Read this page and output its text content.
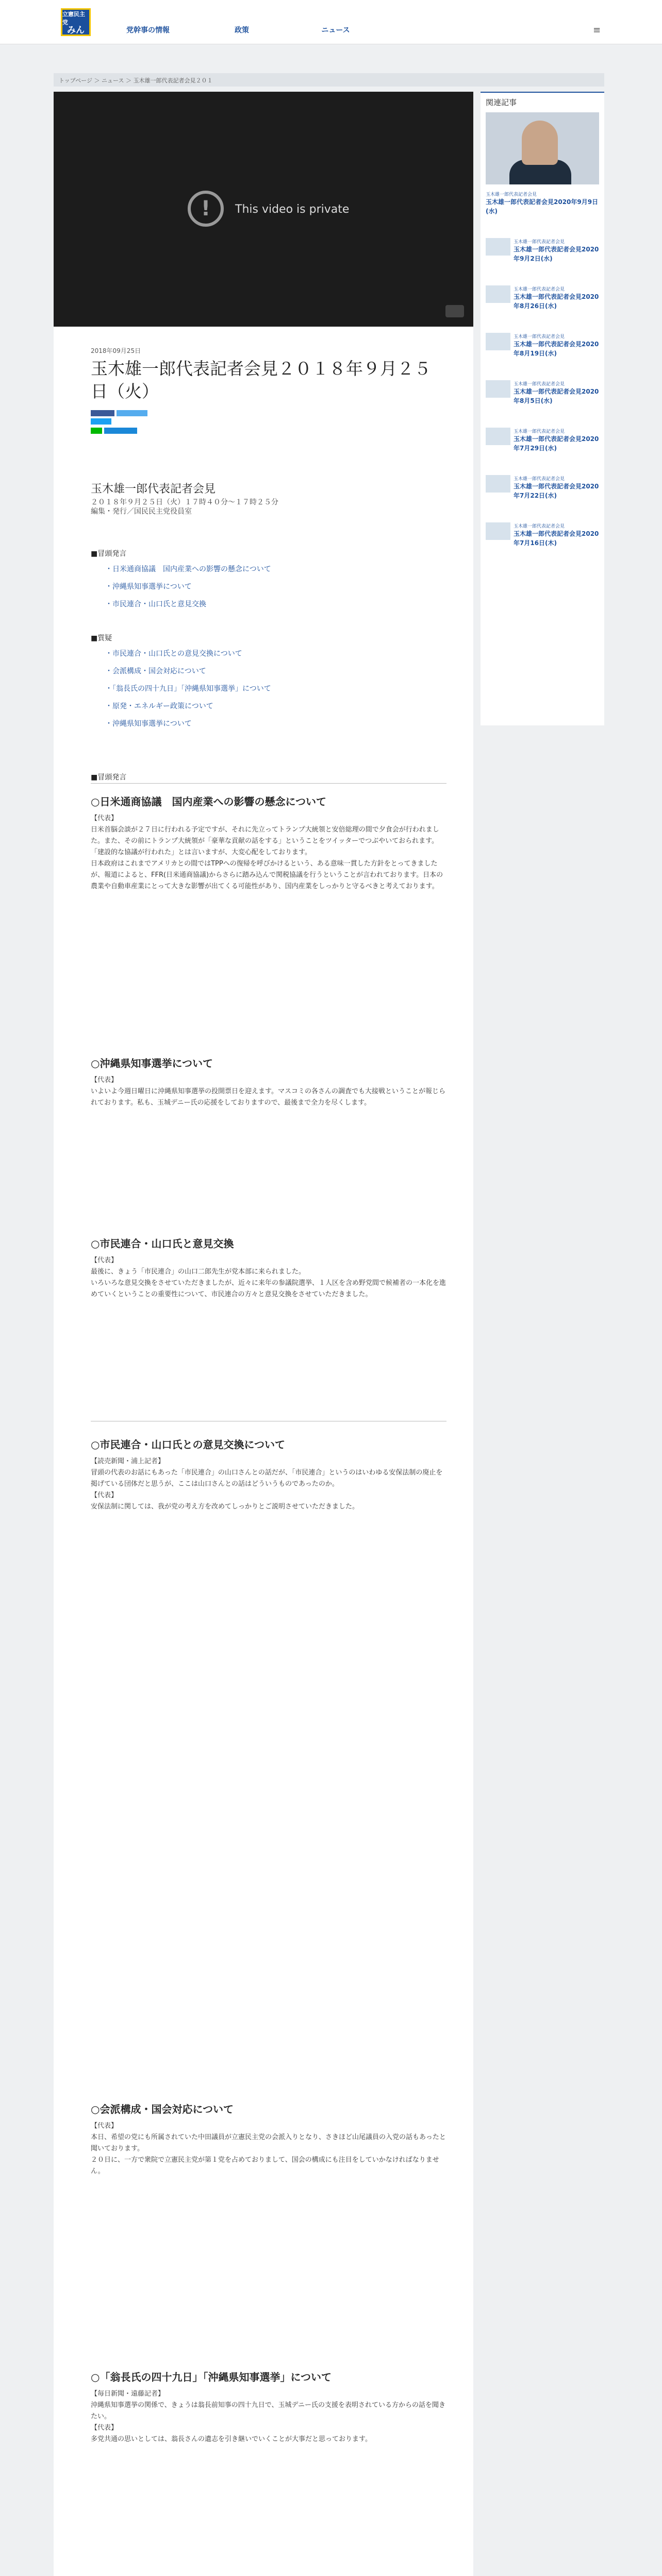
立憲民主党
みん	党幹事の情報	政策	ニュース	≡
トップページ ＞ ニュース ＞ 玉木雄一郎代表記者会見２０１
!	This video is private
2018年09月25日
玉木雄一郎代表記者会見２０１８年９月２５日（火）
玉木雄一郎代表記者会見
２０１８年９月２５日（火）１７時４０分～１７時２５分
編集・発行／国民民主党役員室
■冒頭発言
・ 日米通商協議　国内産業への影響の懸念について
・ 沖縄県知事選挙について
・ 市民連合・山口氏と意見交換
■質疑
・ 市民連合・山口氏との意見交換について
・ 会派構成・国会対応について
・ 「翁長氏の四十九日」「沖縄県知事選挙」について
・ 原発・エネルギー政策について
・ 沖縄県知事選挙について
■冒頭発言
○日米通商協議　国内産業への影響の懸念について
【代表】
日米首脳会談が２７日に行われる予定ですが、それに先立ってトランプ大統領と安倍総理の間で夕食会が行われました。また、その前にトランプ大統領が「豪華な貢献の話をする」ということをツイッターでつぶやいておられます。「建設的な協議が行われた」とは言いますが、大変心配をしております。
日本政府はこれまでアメリカとの間ではTPPへの復帰を呼びかけるという、ある意味一貫した方針をとってきましたが、報道によると、FFR(日米通商協議)からさらに踏み込んで関税協議を行うということが言われております。日本の農業や自動車産業にとって大きな影響が出てくる可能性があり、国内産業をしっかりと守るべきと考えております。
○沖縄県知事選挙について
【代表】
いよいよ今週日曜日に沖縄県知事選挙の投開票日を迎えます。マスコミの各さんの調査でも大接戦ということが報じられております。私も、玉城デニー氏の応援をしておりますので、最後まで全力を尽くします。
○市民連合・山口氏と意見交換
【代表】
最後に、きょう「市民連合」の山口二郎先生が党本部に来られました。
いろいろな意見交換をさせていただきましたが、近々に来年の参議院選挙、１人区を含め野党間で候補者の一本化を進めていくということの重要性について、市民連合の方々と意見交換をさせていただきました。
○市民連合・山口氏との意見交換について
【読売新聞・浦上記者】
冒頭の代表のお話にもあった「市民連合」の山口さんとの話だが、「市民連合」というのはいわゆる安保法制の廃止を掲げている団体だと思うが、ここは山口さんとの話はどういうものであったのか。
【代表】
安保法制に関しては、我が党の考え方を改めてしっかりとご説明させていただきました。
○会派構成・国会対応について
【代表】
本日、希望の党にも所属されていた中田議員が立憲民主党の会派入りとなり、さきほど山尾議員の入党の話もあったと聞いております。
２０日に、一方で衆院で立憲民主党が第１党を占めておりまして、国会の構成にも注目をしていかなければなりません。
○「翁長氏の四十九日」「沖縄県知事選挙」について
【毎日新聞・遠藤記者】
沖縄県知事選挙の関係で、きょうは翁長前知事の四十九日で、玉城デニー氏の支援を表明されている方からの話を聞きたい。
【代表】
多党共通の思いとしては、翁長さんの遺志を引き継いでいくことが大事だと思っております。
関連記事
玉木雄一郎代表記者会見
玉木雄一郎代表記者会見2020年9月9日(水)
玉木雄一郎代表記者会見
玉木雄一郎代表記者会見2020年9月2日(水)
玉木雄一郎代表記者会見
玉木雄一郎代表記者会見2020年8月26日(水)
玉木雄一郎代表記者会見
玉木雄一郎代表記者会見2020年8月19日(水)
玉木雄一郎代表記者会見
玉木雄一郎代表記者会見2020年8月5日(水)
玉木雄一郎代表記者会見
玉木雄一郎代表記者会見2020年7月29日(水)
玉木雄一郎代表記者会見
玉木雄一郎代表記者会見2020年7月22日(水)
玉木雄一郎代表記者会見
玉木雄一郎代表記者会見2020年7月16日(木)
